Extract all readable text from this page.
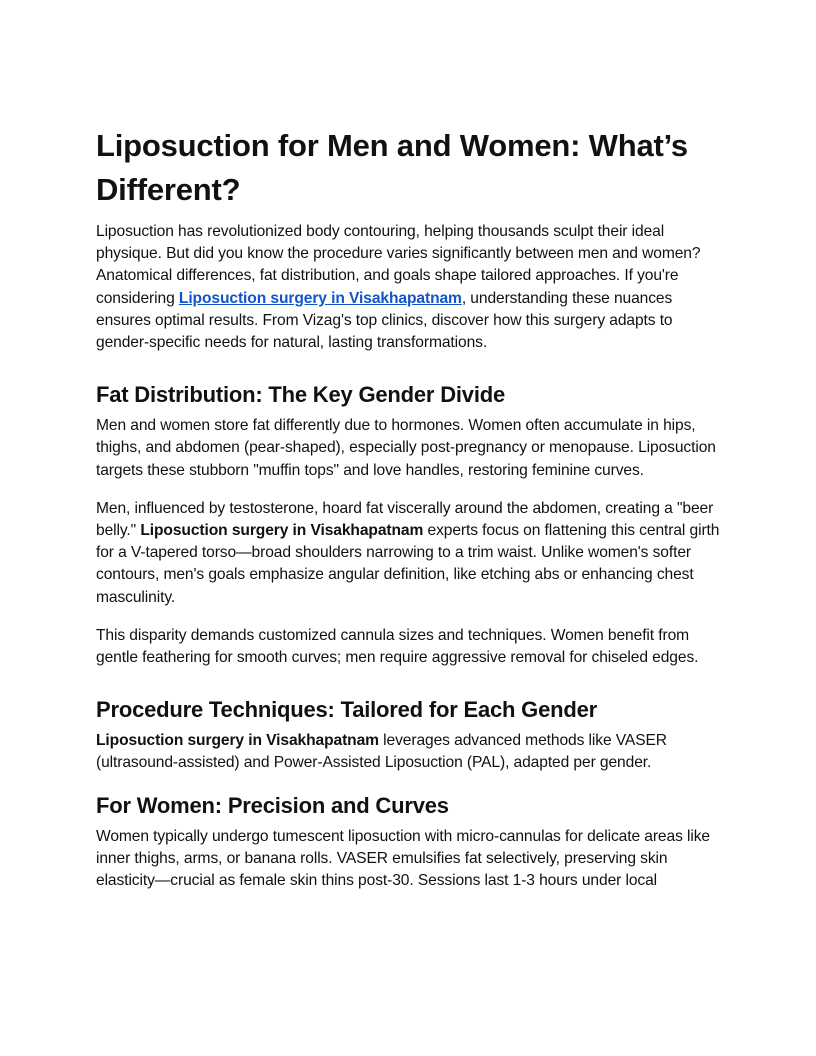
Liposuction for Men and Women: What’s Different?

Liposuction has revolutionized body contouring, helping thousands sculpt their ideal physique. But did you know the procedure varies significantly between men and women? Anatomical differences, fat distribution, and goals shape tailored approaches. If you're considering Liposuction surgery in Visakhapatnam, understanding these nuances ensures optimal results. From Vizag's top clinics, discover how this surgery adapts to gender-specific needs for natural, lasting transformations.

Fat Distribution: The Key Gender Divide

Men and women store fat differently due to hormones. Women often accumulate in hips, thighs, and abdomen (pear-shaped), especially post-pregnancy or menopause. Liposuction targets these stubborn "muffin tops" and love handles, restoring feminine curves.

Men, influenced by testosterone, hoard fat viscerally around the abdomen, creating a "beer belly." Liposuction surgery in Visakhapatnam experts focus on flattening this central girth for a V-tapered torso—broad shoulders narrowing to a trim waist. Unlike women's softer contours, men's goals emphasize angular definition, like etching abs or enhancing chest masculinity.

This disparity demands customized cannula sizes and techniques. Women benefit from gentle feathering for smooth curves; men require aggressive removal for chiseled edges.

Procedure Techniques: Tailored for Each Gender

Liposuction surgery in Visakhapatnam leverages advanced methods like VASER (ultrasound-assisted) and Power-Assisted Liposuction (PAL), adapted per gender.

For Women: Precision and Curves

Women typically undergo tumescent liposuction with micro-cannulas for delicate areas like inner thighs, arms, or banana rolls. VASER emulsifies fat selectively, preserving skin elasticity—crucial as female skin thins post-30. Sessions last 1-3 hours under local
